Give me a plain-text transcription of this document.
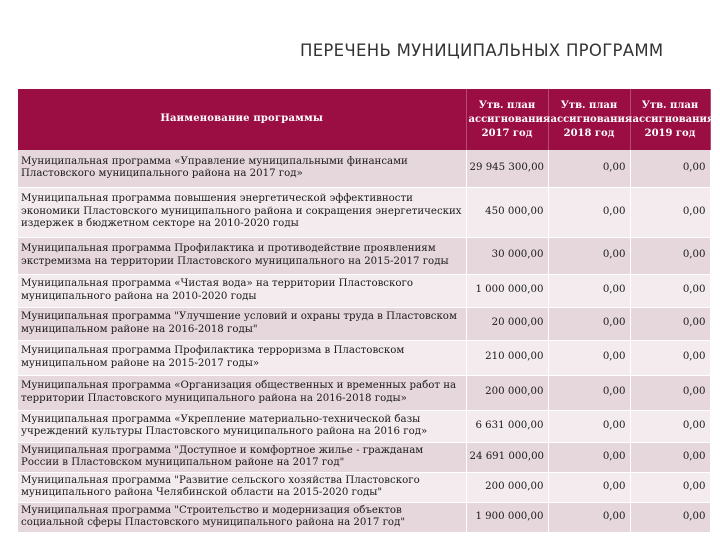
ПЕРЕЧЕНЬ МУНИЦИПАЛЬНЫХ ПРОГРАММ
Наименование программы	Утв. план ассигнования 2017 год	Утв. план ассигнования 2018 год	Утв. план ассигнования 2019 год
Муниципальная программа «Управление муниципальными финансами Пластовского муниципального района на 2017 год»	29 945 300,00	0,00	0,00
Муниципальная программа повышения энергетической эффективности экономики Пластовского муниципального района и сокращения энергетических издержек в бюджетном секторе на 2010-2020 годы	450 000,00	0,00	0,00
Муниципальная программа Профилактика и противодействие проявлениям экстремизма на территории Пластовского муниципального на 2015-2017 годы	30 000,00	0,00	0,00
Муниципальная программа «Чистая вода» на территории Пластовского муниципального района на 2010-2020 годы	1 000 000,00	0,00	0,00
Муниципальная программа "Улучшение условий и охраны труда в Пластовском муниципальном районе на 2016-2018 годы"	20 000,00	0,00	0,00
Муниципальная программа Профилактика терроризма в Пластовском муниципальном районе на 2015-2017 годы»	210 000,00	0,00	0,00
Муниципальная программа «Организация общественных и временных работ на территории Пластовского муниципального района на 2016-2018 годы»	200 000,00	0,00	0,00
Муниципальная программа «Укрепление материально-технической базы учреждений культуры Пластовского муниципального района на 2016 год»	6 631 000,00	0,00	0,00
Муниципальная программа "Доступное и комфортное жилье - гражданам России в Пластовском муниципальном районе на 2017 год"	24 691 000,00	0,00	0,00
Муниципальная программа "Развитие сельского хозяйства Пластовского муниципального района Челябинской области на 2015-2020 годы"	200 000,00	0,00	0,00
Муниципальная программа "Строительство и модернизация объектов социальной сферы Пластовского муниципального района на 2017 год"	1 900 000,00	0,00	0,00
